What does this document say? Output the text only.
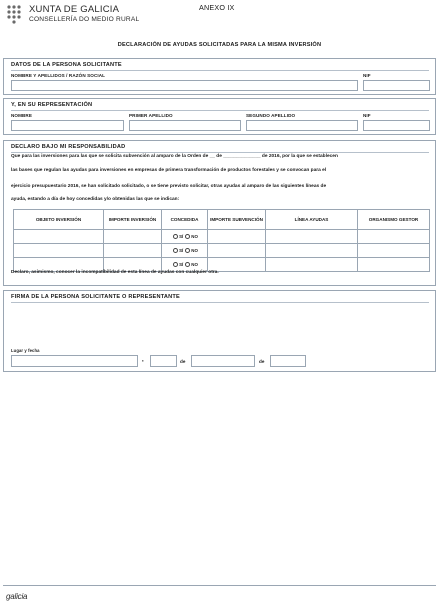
XUNTA DE GALICIA
CONSELLERÍA DO MEDIO RURAL
ANEXO IX
DECLARACIÓN DE AYUDAS SOLICITADAS PARA LA MISMA INVERSIÓN
DATOS DE LA PERSONA SOLICITANTE
NOMBRE Y APELLIDOS / RAZÓN SOCIAL	NIF
Y, EN SU REPRESENTACIÓN
NOMBRE	PRIMER APELLIDO	SEGUNDO APELLIDO	NIF
DECLARO BAJO MI RESPONSABILIDAD
Que para las inversiones para las que se solicita subvención al amparo de la Orden de __ de ______________ de 2016, por la que se establecen
las bases que regulan las ayudas para inversiones en empresas de primera transformación de productos forestales y se convocan para el
ejercicio presupuestario 2016, se han solicitado solicitado, o se tiene previsto solicitar, otras ayudas al amparo de las siguientes líneas de
ayuda, estando a día de hoy concedidas y/o obtenidas las que se indican:
OBJETO INVERSIÓN	IMPORTE INVERSIÓN	CONCEDIDA	IMPORTE SUBVENCIÓN	LÍNEA AYUDAS	ORGANISMO GESTOR
		SÍ NO			
		SÍ NO			
		SÍ NO			
Declaro, asimismo, conocer la incompatibilidad de esta línea de ayudas con cualquier otra.
FIRMA DE LA PERSONA SOLICITANTE O REPRESENTANTE
Lugar y fecha
,	de	de
galicia
